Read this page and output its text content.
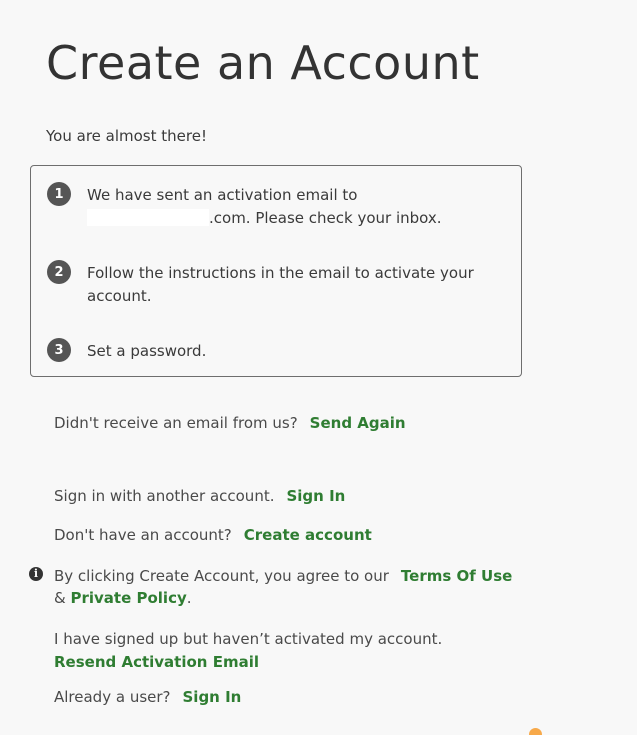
Create an Account
You are almost there!
1	We have sent an activation email to
.com. Please check your inbox.
2	Follow the instructions in the email to activate your account.
3	Set a password.
Didn't receive an email from us? Send Again
Sign in with another account. Sign In
Don't have an account? Create account
i	By clicking Create Account, you agree to our Terms Of Use

& Private Policy.
I have signed up but haven’t activated my account.
Resend Activation Email
Already a user? Sign In
